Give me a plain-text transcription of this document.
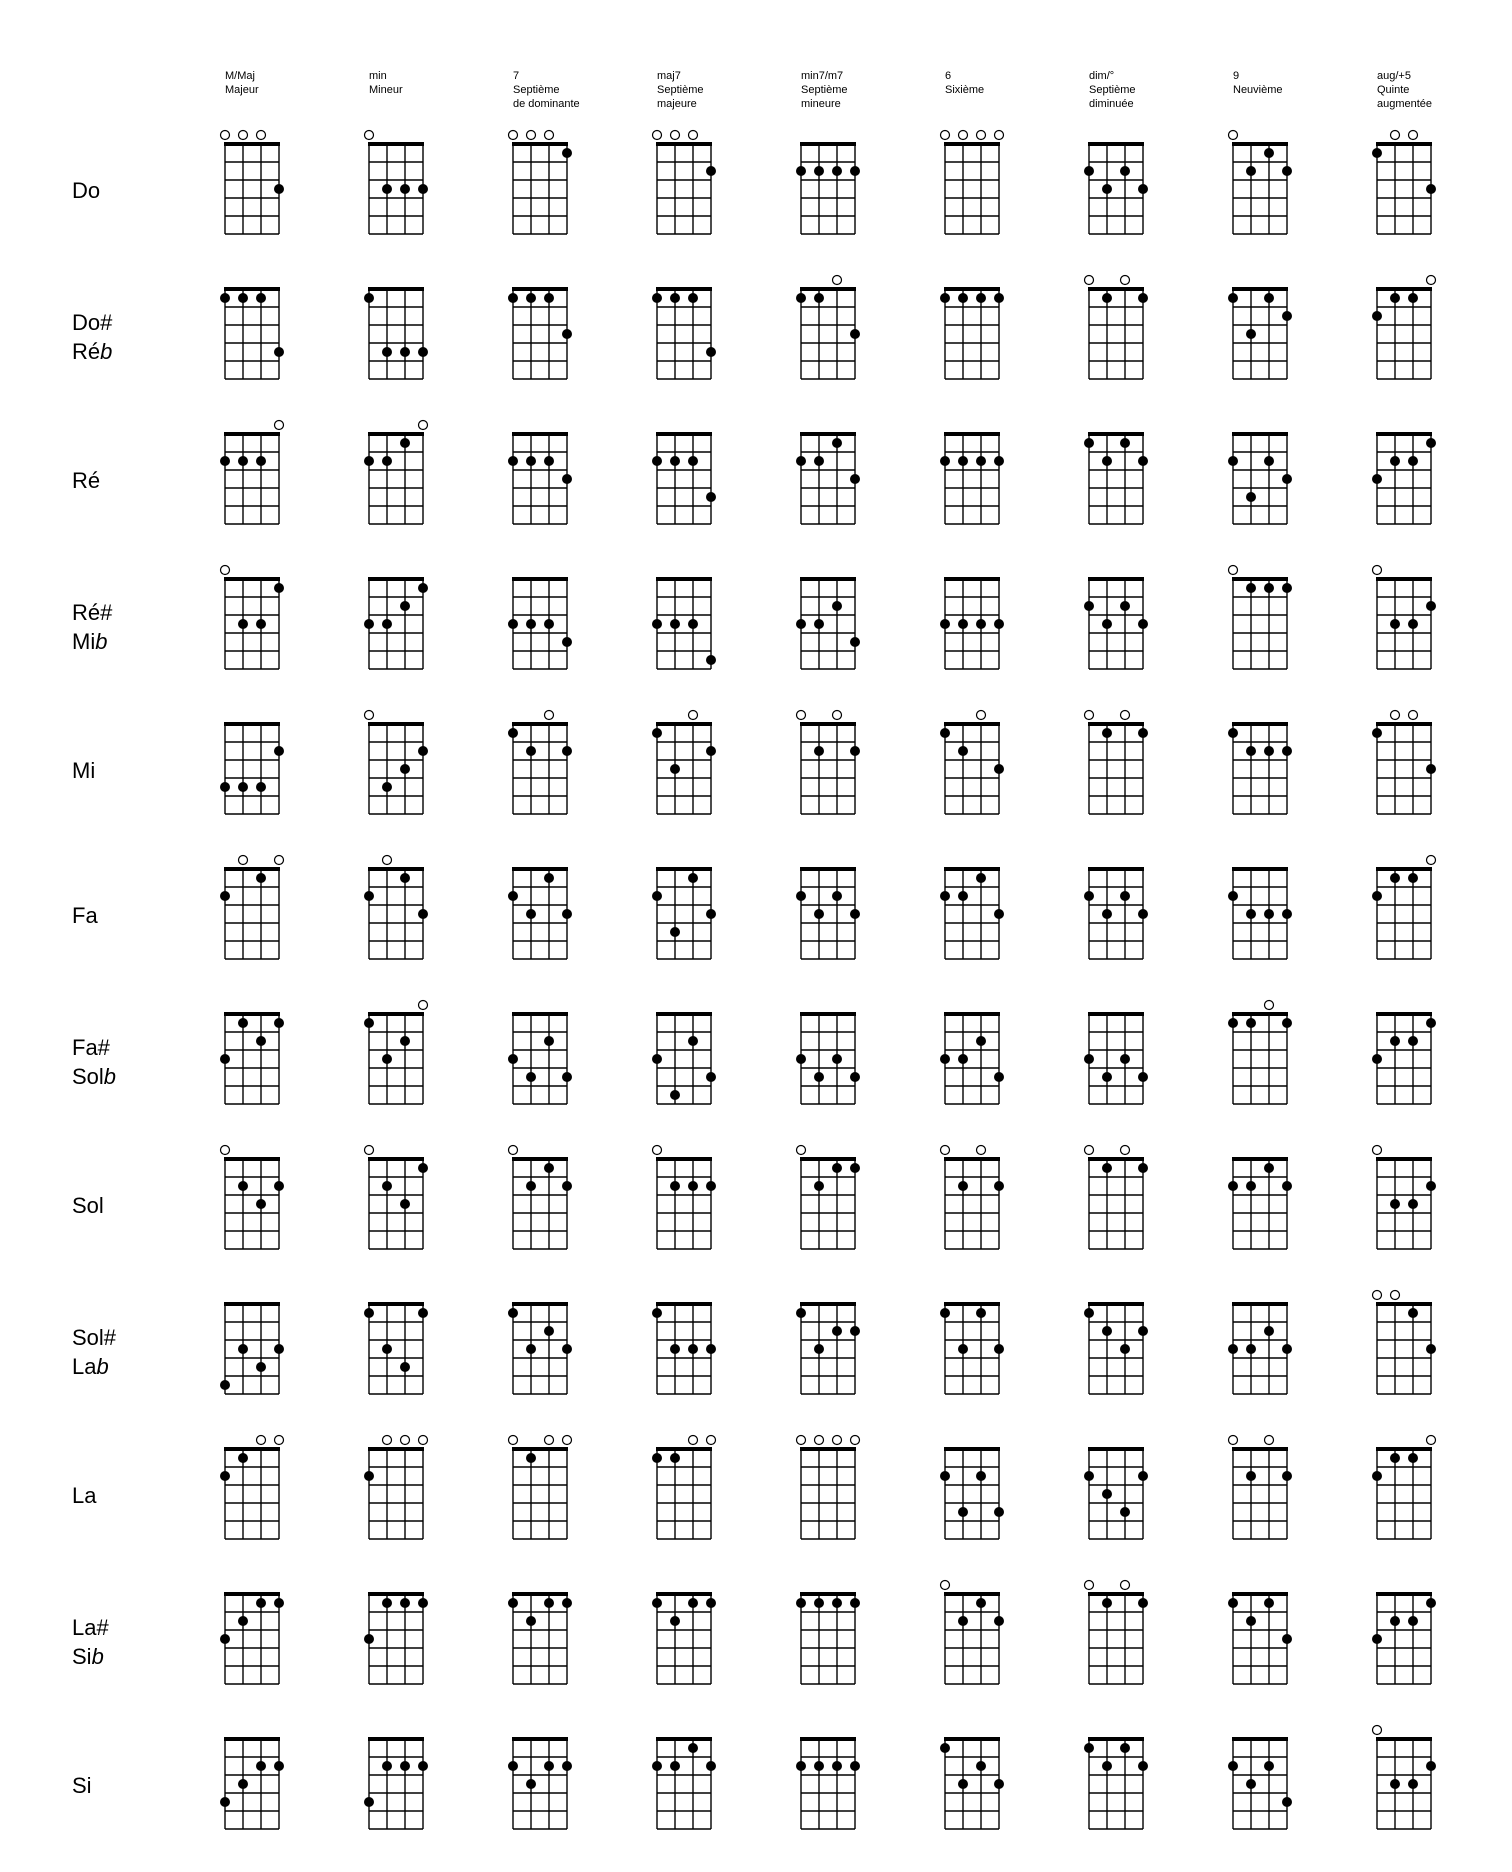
M/Maj Majeur
min Mineur
7 Septième de dominante
maj7 Septième majeure
min7/m7 Septième mineure
6 Sixième
dim/° Septième diminuée
9 Neuvième
aug/+5 Quinte augmentée
Do
Do#
Réb
Ré
Ré#
Mib
Mi
Fa
Fa#
Solb
Sol
Sol#
Lab
La
La#
Sib
Si
